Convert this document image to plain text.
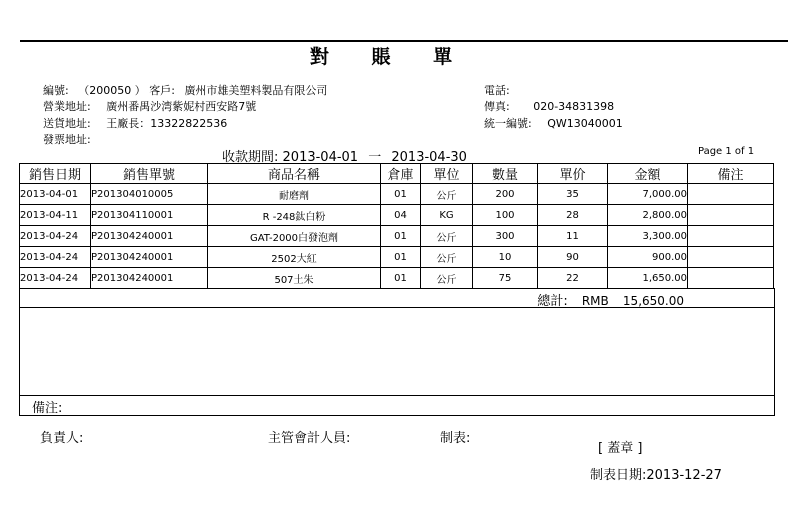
對 賬 單
編號: （200050 ） 客戶: 廣州市雄美塑料製品有限公司	電話:
營業地址: 廣州番禺沙湾紫妮村西安路7號	傳真: 020-34831398
送貨地址: 王廠長：13322822536	統一編號: QW13040001
發票地址:
收款期間: 2013-04-01 一 2013-04-30	Page 1 of 1
銷售日期	銷售單號	商品名稱	倉庫	單位	數量	單价	金額	備注
2013-04-01	P201304010005	耐磨劑	01	公斤	200	35	7,000.00	
2013-04-11	P201304110001	R -248鈦白粉	04	KG	100	28	2,800.00	
2013-04-24	P201304240001	GAT-2000白發泡劑	01	公斤	300	11	3,300.00	
2013-04-24	P201304240001	2502大紅	01	公斤	10	90	900.00	
2013-04-24	P201304240001	507土朱	01	公斤	75	22	1,650.00	
總計: RMB 15,650.00
備注:
負責人:	主管會計人員:	制表:
[ 蓋章 ]
制表日期:2013-12-27
